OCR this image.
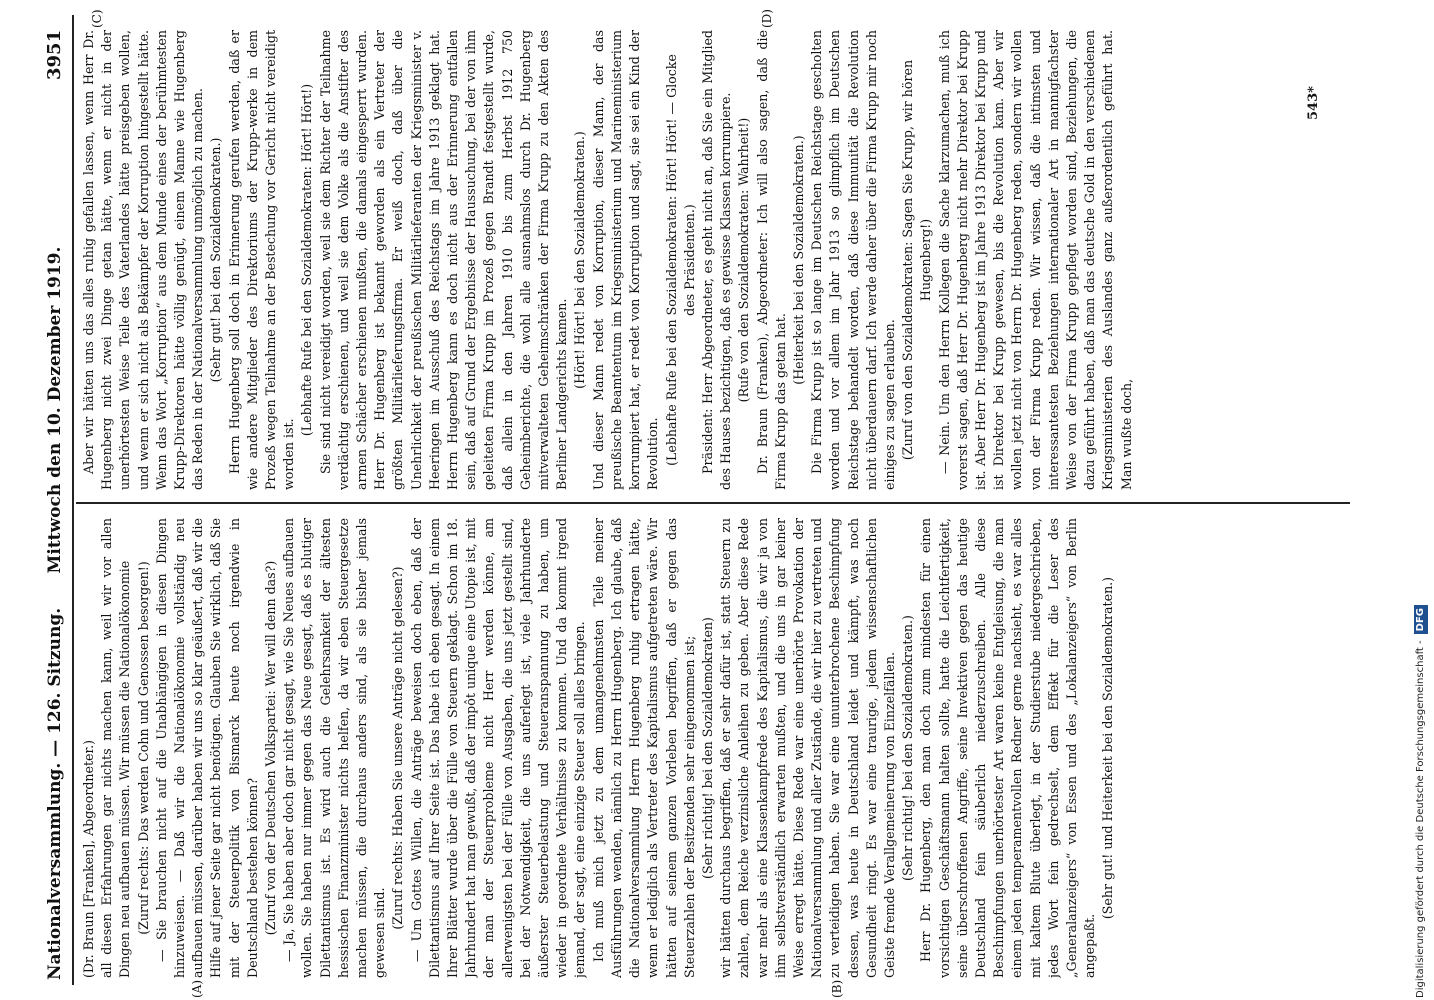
Nationalversammlung. — 126. Sitzung.
Mittwoch den 10. Dezember 1919.
3951
(A)	(B)
(C)	(D)

(Dr. Braun [Franken], Abgeordneter.) all diesen Erfahrungen gar nichts machen kann, weil wir vor allen Dingen neu aufbauen müssen. Wir müssen die Nationalökonomie (Zuruf rechts: Das werden Cohn und Genossen besorgen!) — Sie brauchen nicht auf die Unabhängigen in diesen Dingen hinzuweisen. — Daß wir die Nationalökonomie vollständig neu aufbauen müssen, darüber haben wir uns so klar geäußert, daß wir die Hilfe auf jener Seite gar nicht benötigen. Glauben Sie wirklich, daß Sie mit der Steuerpolitik von Bismarck heute noch irgendwie in Deutschland bestehen können? (Zuruf von der Deutschen Volkspartei: Wer will denn das?) — Ja, Sie haben aber doch gar nicht gesagt, wie Sie Neues aufbauen wollen. Sie haben nur immer gegen das Neue gesagt, daß es blutiger Dilettantismus ist. Es wird auch die Gelehrsamkeit der ältesten hessischen Finanzminister nichts helfen, da wir eben Steuergesetze machen müssen, die durchaus anders sind, als sie bisher jemals gewesen sind.

(Zuruf rechts: Haben Sie unsere Anträge nicht gelesen?) — Um Gottes Willen, die Anträge beweisen doch eben, daß der Dilettantismus auf Ihrer Seite ist. Das habe ich eben gesagt. In einem Ihrer Blätter wurde über die Fülle von Steuern geklagt. Schon im 18. Jahrhundert hat man gewußt, daß der impôt unique eine Utopie ist, mit der man der Steuerprobleme nicht Herr werden könne, am allerwenigsten bei der Fülle von Ausgaben, die uns jetzt gestellt sind, bei der Notwendigkeit, die uns auferlegt ist, viele Jahrhunderte äußerster Steuerbelastung und Steueranspannung zu haben, um wieder in geordnete Verhältnisse zu kommen. Und da kommt irgend jemand, der sagt, eine einzige Steuer soll alles bringen. Ich muß mich jetzt zu dem umangenehmsten Teile meiner Ausführungen wenden, nämlich zu Herrn Hugenberg. Ich glaube, daß die Nationalversammlung Herrn Hugenberg ruhig ertragen hätte, wenn er lediglich als Vertreter des Kapitalismus aufgetreten wäre. Wir hätten auf seinem ganzen Vorleben begriffen, daß er gegen das Steuerzahlen der Besitzenden sehr eingenommen ist; (Sehr richtig! bei den Sozialdemokraten) wir hätten durchaus begriffen, daß er sehr dafür ist, statt Steuern zu zahlen, dem Reiche verzinsliche Anleihen zu geben. Aber diese Rede war mehr als eine Klassenkampfrede des Kapitalismus, die wir ja von ihm selbstverständlich erwarten mußten, und die uns in gar keiner Weise erregt hätte. Diese Rede war eine unerhörte Provokation der Nationalversammlung und aller Zustände, die wir hier zu vertreten und zu verteidigen haben. Sie war eine ununterbrochene Beschimpfung dessen, was heute in Deutschland leidet und kämpft, was noch Gesundheit ringt. Es war eine traurige, jedem wissenschaftlichen Geiste fremde Verallgemeinerung von Einzelfällen. (Sehr richtig! bei den Sozialdemokraten.) Herr Dr. Hugenberg, den man doch zum mindesten für einen vorsichtigen Geschäftsmann halten sollte, hatte die Leichtfertigkeit, seine überschroffenen Angriffe, seine Invektiven gegen das heutige Deutschland fein säuberlich niederzuschreiben. Alle diese Beschimpfungen unerhörtester Art waren keine Entgleisung, die man einem jeden temperamentvollen Redner gerne nachsieht, es war alles mit kaltem Blute überlegt, in der Studierstube niedergeschrieben, jedes Wort fein gedrechselt, dem Effekt für die Leser des „Generalanzeigers“ von Essen und des „Lokalanzeigers“ von Berlin angepaßt.

(Sehr gut! und Heiterkeit bei den Sozialdemokraten.)

Aber wir hätten uns das alles ruhig gefallen lassen, wenn Herr Dr. Hugenberg nicht zwei Dinge getan hätte, wenn er nicht in der unerhörtesten Weise Teile des Vaterlandes hätte preisgeben wollen, und wenn er sich nicht als Bekämpfer der Korruption hingestellt hätte. Wenn das Wort „Korruption“ aus dem Munde eines der berühmtesten Krupp-Direktoren hätte völlig genügt, einem Manne wie Hugenberg das Reden in der Nationalversammlung unmöglich zu machen. (Sehr gut! bei den Sozialdemokraten.) Herrn Hugenberg soll doch in Erinnerung gerufen werden, daß er wie andere Mitglieder des Direktoriums der Krupp-werke in dem Prozeß wegen Teilnahme an der Bestechung vor Gericht nicht vereidigt worden ist.

(Lebhafte Rufe bei den Sozialdemokraten: Hört! Hört!) Sie sind nicht vereidigt worden, weil sie dem Richter der Teilnahme verdächtig erschienen, und weil sie dem Volke als die Anstifter des armen Schächer erschienen mußten, die damals eingesperrt wurden. Herr Dr. Hugenberg ist bekannt geworden als ein Vertreter der größten Militärlieferungsfirma. Er weiß doch, daß über die Unehrlichkeit der preußischen Militärlieferanten der Kriegsminister v. Heeringen im Ausschuß des Reichstags im Jahre 1913 geklagt hat. Herrn Hugenberg kann es doch nicht aus der Erinnerung entfallen sein, daß auf Grund der Ergebnisse der Haussuchung, bei der von ihm geleiteten Firma Krupp im Prozeß gegen Brandt festgestellt wurde, daß allein in den Jahren 1910 bis zum Herbst 1912 750 Geheimberichte, die wohl alle ausnahmslos durch Dr. Hugenberg mitverwalteten Geheimschränken der Firma Krupp zu den Akten des Berliner Landgerichts kamen.

(Hört! Hört! bei den Sozialdemokraten.) Und dieser Mann redet von Korruption, dieser Mann, der das preußische Beamtentum im Kriegsministerium und Marineministerium korrumpiert hat, er redet von Korruption und sagt, sie sei ein Kind der Revolution. (Lebhafte Rufe bei den Sozialdemokraten: Hört! Hört! — Glocke des Präsidenten.) Präsident: Herr Abgeordneter, es geht nicht an, daß Sie ein Mitglied des Hauses bezichtigen, daß es gewisse Klassen korrumpiere. (Rufe von den Sozialdemokraten: Wahrheit!) Dr. Braun (Franken), Abgeordneter: Ich will also sagen, daß die Firma Krupp das getan hat.

(Heiterkeit bei den Sozialdemokraten.) Die Firma Krupp ist so lange im Deutschen Reichstage gescholten worden und vor allem im Jahr 1913 so glimpflich im Deutschen Reichstage behandelt worden, daß diese Immunität die Revolution nicht überdauern darf. Ich werde daher über die Firma Krupp mir noch einiges zu sagen erlauben. (Zuruf von den Sozialdemokraten: Sagen Sie Krupp, wir hören Hugenberg!) — Nein. Um den Herrn Kollegen die Sache klarzumachen, muß ich vorerst sagen, daß Herr Dr. Hugenberg nicht mehr Direktor bei Krupp ist. Aber Herr Dr. Hugenberg ist im Jahre 1913 Direktor bei Krupp und ist Direktor bei Krupp gewesen, bis die Revolution kam. Aber wir wollen jetzt nicht von Herrn Dr. Hugenberg reden, sondern wir wollen von der Firma Krupp reden. Wir wissen, daß die intimsten und interessantesten Beziehungen internationaler Art in mannigfachster Weise von der Firma Krupp gepflegt worden sind, Beziehungen, die dazu geführt haben, daß man das deutsche Gold in den verschiedenen Kriegsministerien des Auslandes ganz außerordentlich geführt hat. Man wußte doch,

543*
Digitalisierung gefördert durch die Deutsche Forschungsgemeinschaft -DFG
